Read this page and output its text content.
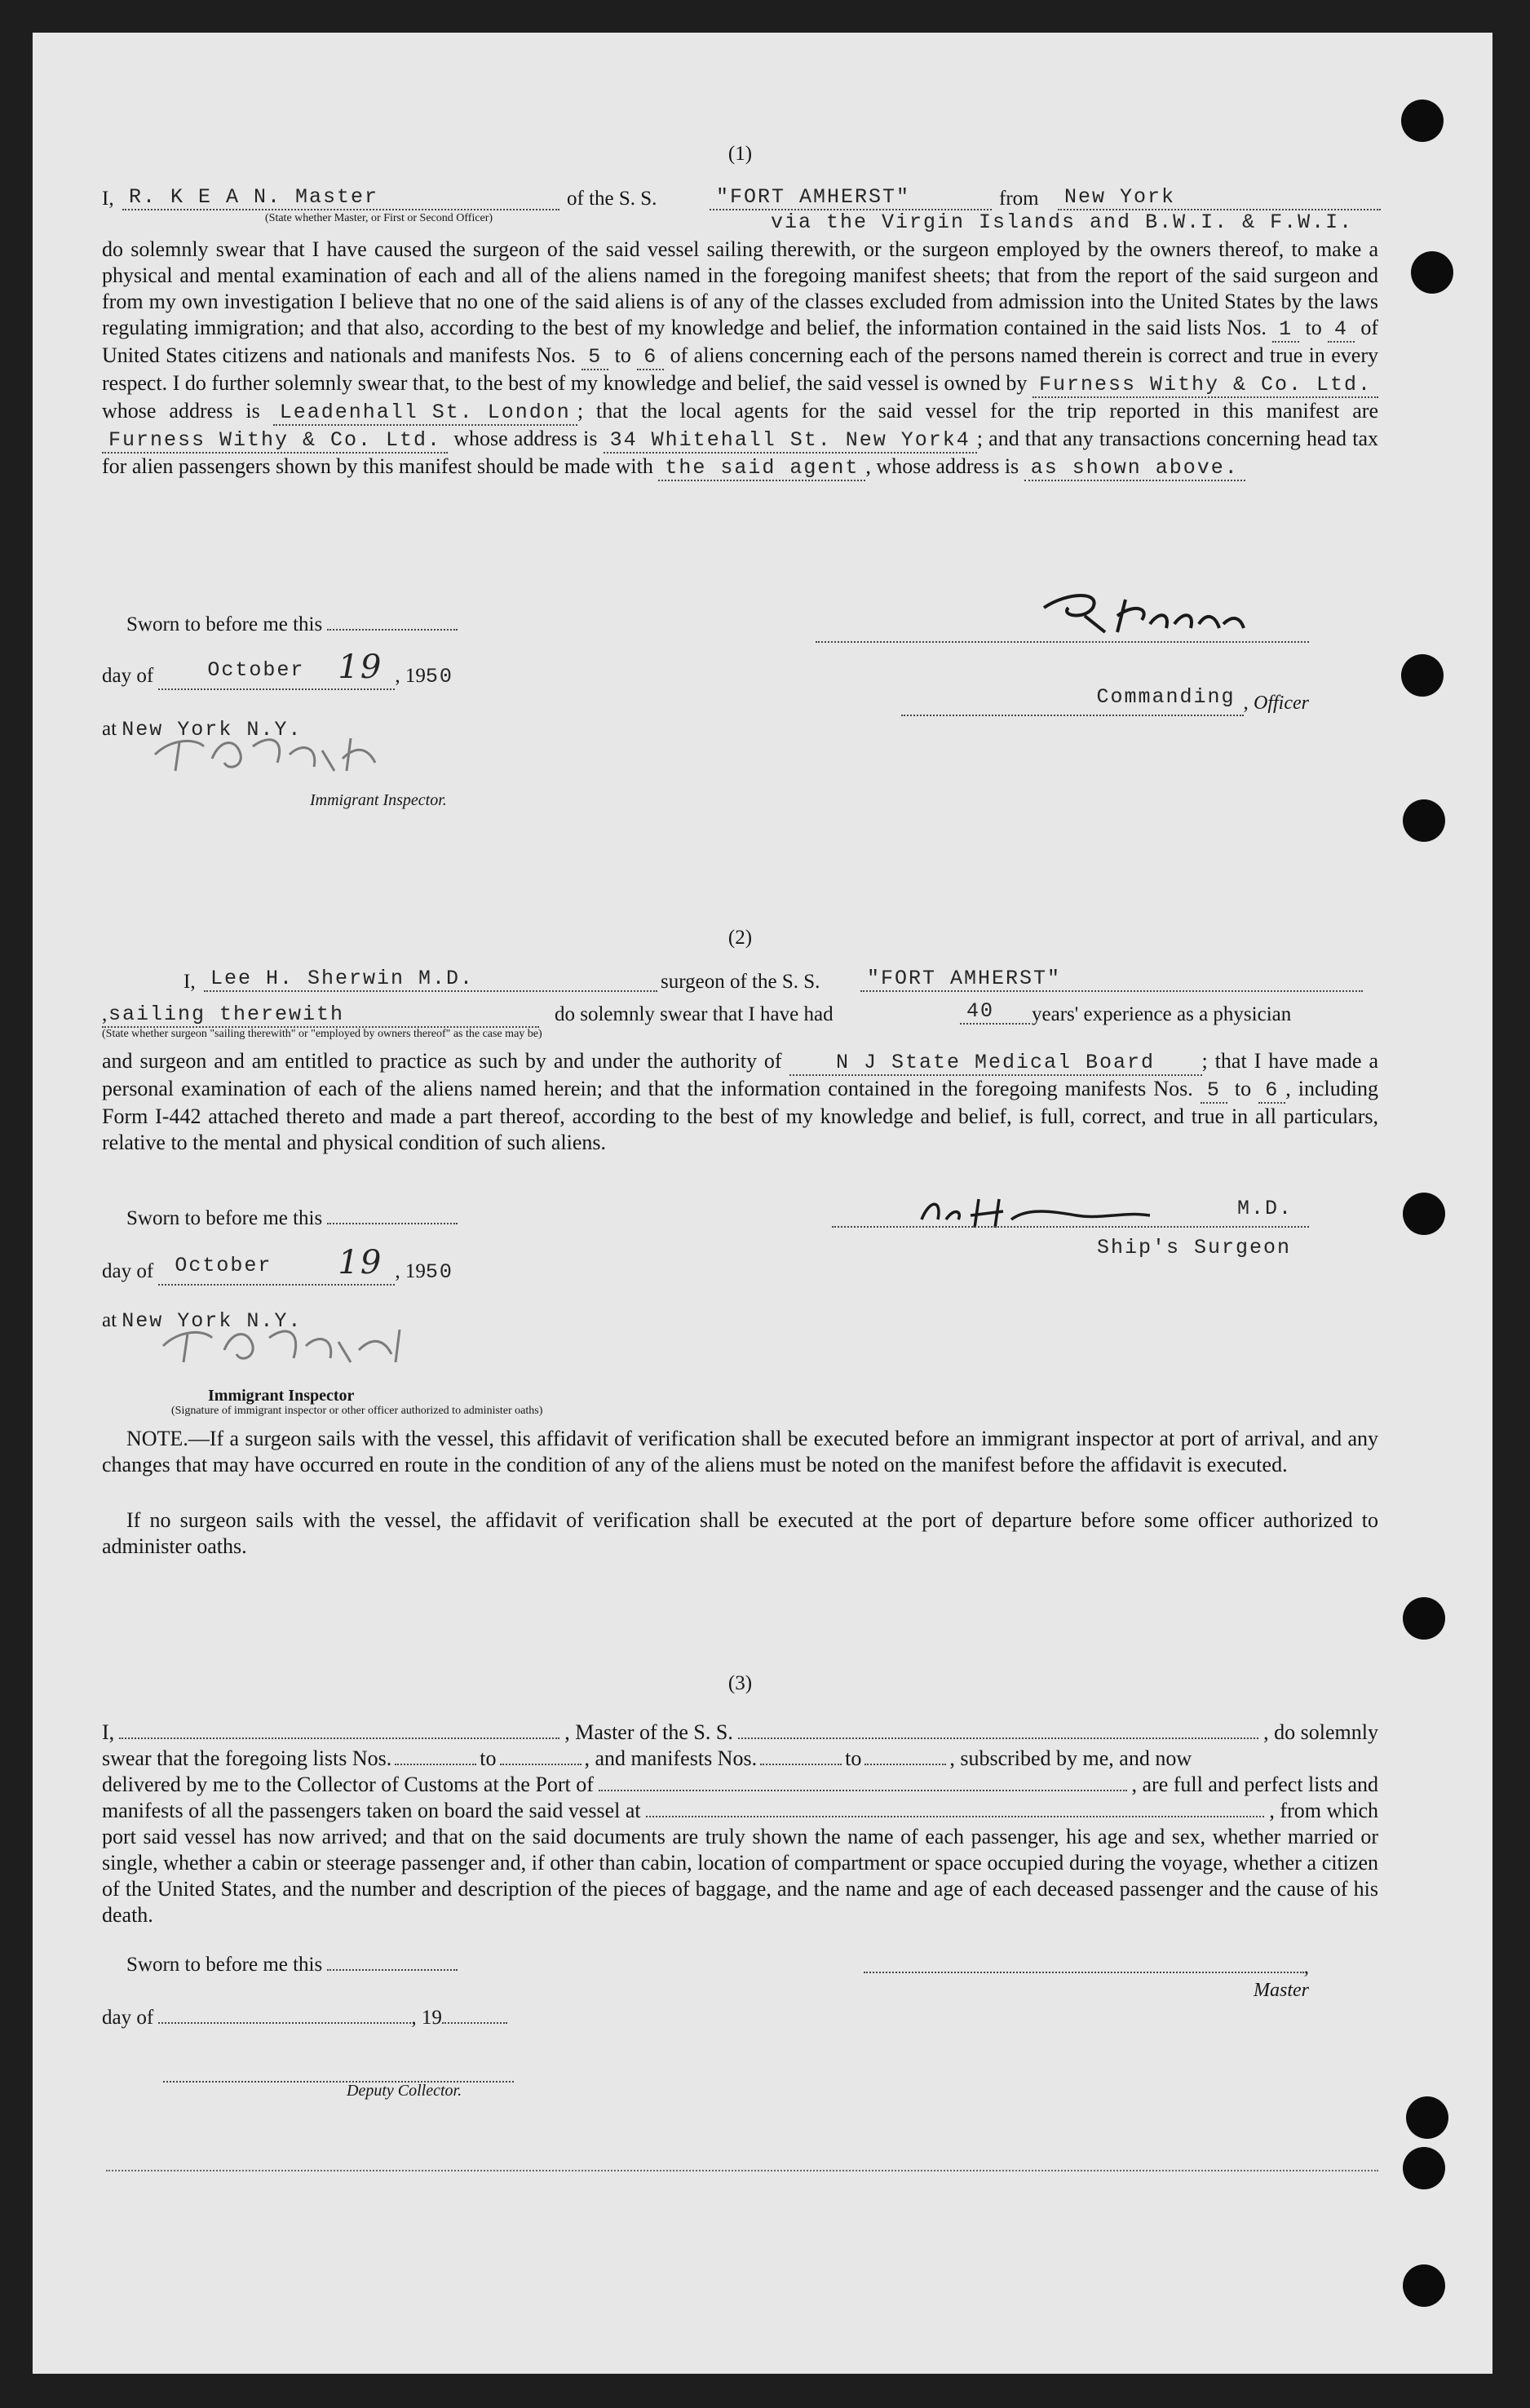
(1)
I, R. K E A N. Master
(State whether Master, or First or Second Officer)
of the S. S.	"FORT AMHERST"	from	New York
via the Virgin Islands and B.W.I. & F.W.I.
do solemnly swear that I have caused the surgeon of the said vessel sailing therewith, or the surgeon employed by the owners thereof, to make a physical and mental examination of each and all of the aliens named in the foregoing manifest sheets; that from the report of the said surgeon and from my own investigation I believe that no one of the said aliens is of any of the classes excluded from admission into the United States by the laws regulating immigration; and that also, according to the best of my knowledge and belief, the information contained in the said lists Nos. 1 to 4 of United States citizens and nationals and manifests Nos. 5 to 6 of aliens concerning each of the persons named therein is correct and true in every respect. I do further solemnly swear that, to the best of my knowledge and belief, the said vessel is owned by Furness Withy & Co. Ltd. whose address is Leadenhall St. London ; that the local agents for the said vessel for the trip reported in this manifest are Furness Withy & Co. Ltd. whose address is 34 Whitehall St. New York4 ; and that any transactions concerning head tax for alien passengers shown by this manifest should be made with the said agent , whose address is as shown above.
Sworn to before me this
day of	October 19 , 1950
at New York N.Y.
Immigrant Inspector.
Commanding , Officer
(2)
I, Lee H. Sherwin M.D.	surgeon of the S. S.	"FORT AMHERST"
sailing therewith
,	do solemnly swear that I have had	40	years' experience as a physician
(State whether surgeon "sailing therewith" or "employed by owners thereof" as the case may be)
and surgeon and am entitled to practice as such by and under the authority of	N J State Medical Board ; that I have made a personal examination of each of the aliens named herein; and that the information contained in the foregoing manifests Nos. 5 to 6 , including Form I-442 attached thereto and made a part thereof, according to the best of my knowledge and belief, is full, correct, and true in all particulars, relative to the mental and physical condition of such aliens.
Sworn to before me this
day of October 19 , 1950
at New York N.Y.
Immigrant Inspector
(Signature of immigrant inspector or other officer authorized to administer oaths)
M.D.

Ship's Surgeon
NOTE.—If a surgeon sails with the vessel, this affidavit of verification shall be executed before an immigrant inspector at port of arrival, and any changes that may have occurred en route in the condition of any of the aliens must be noted on the manifest before the affidavit is executed.
If no surgeon sails with the vessel, the affidavit of verification shall be executed at the port of departure before some officer authorized to administer oaths.
(3)
I,	, Master of the S. S.	, do solemnly
swear that the foregoing lists Nos.	to	, and manifests Nos.	to	, subscribed by me, and now
delivered by me to the Collector of Customs at the Port of	, are full and perfect lists and
manifests of all the passengers taken on board the said vessel at	, from which
port said vessel has now arrived; and that on the said documents are truly shown the name of each passenger, his age and sex, whether married or single, whether a cabin or steerage passenger and, if other than cabin, location of compartment or space occupied during the voyage, whether a citizen of the United States, and the number and description of the pieces of baggage, and the name and age of each deceased passenger and the cause of his death.
Sworn to before me this	, Master
day of	, 19
Deputy Collector.
